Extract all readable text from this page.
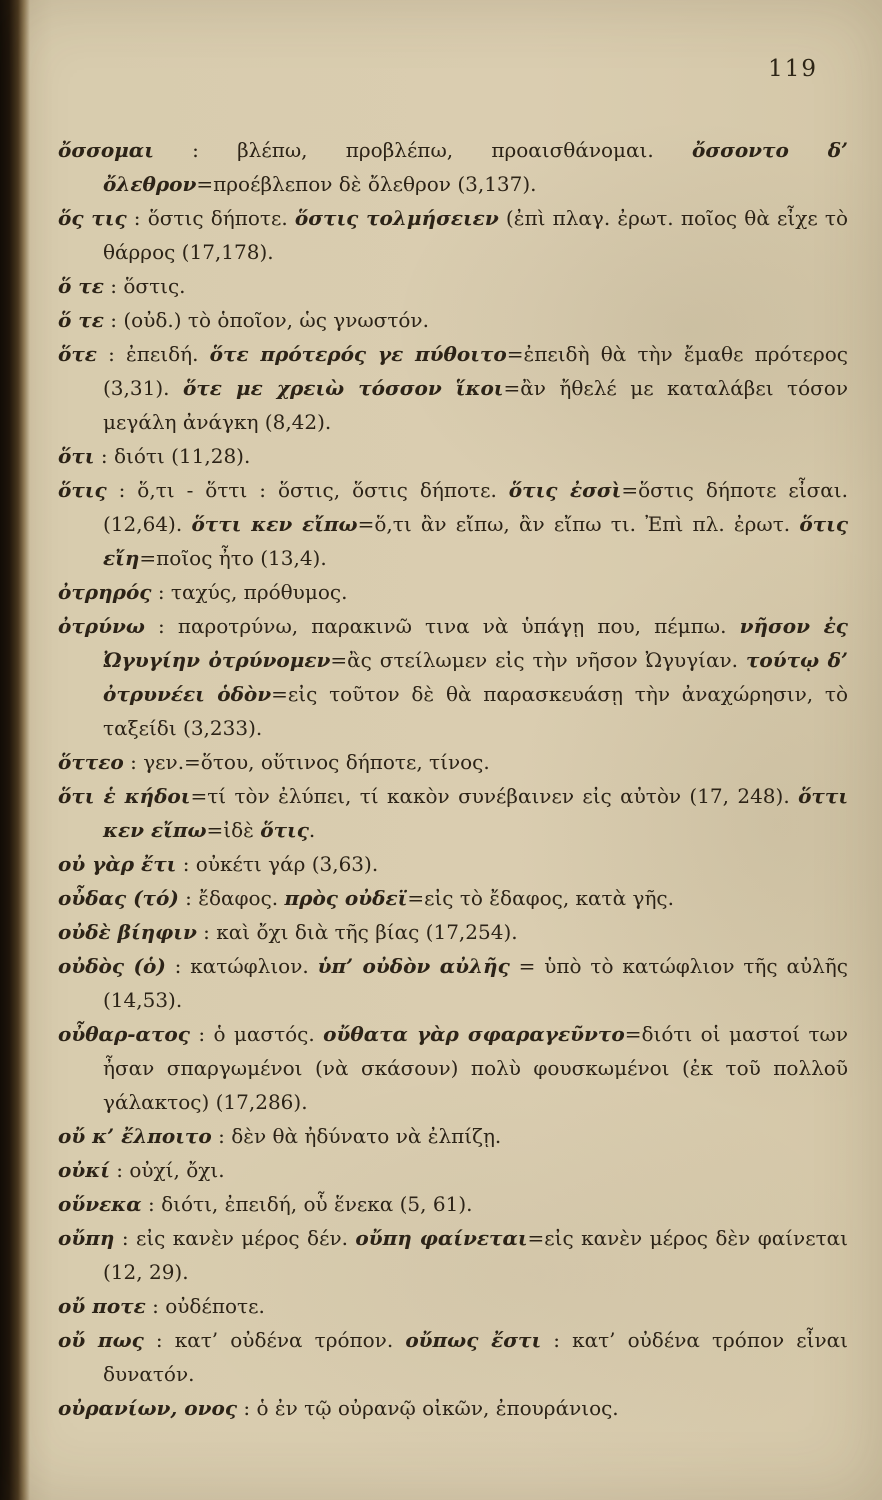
119
ὄσσομαι : βλέπω, προβλέπω, προαισθάνομαι. ὄσσοντο δ’ ὄλεθρον=προέβλεπον δὲ ὄλεθρον (3,137).
ὅς τις : ὅστις δήποτε. ὅστις τολμήσειεν (ἐπὶ πλαγ. ἐρωτ. ποῖος θὰ εἶχε τὸ θάρρος (17,178).
ὅ τε : ὅστις.
ὅ τε : (οὐδ.) τὸ ὁποῖον, ὡς γνωστόν.
ὅτε : ἐπειδή. ὅτε πρότερός γε πύθοιτο=ἐπειδὴ θὰ τὴν ἔμαθε πρότερος (3,31). ὅτε με χρειὼ τόσσον ἵκοι=ἂν ἤθελέ με καταλάβει τόσον μεγάλη ἀνάγκη (8,42).
ὅτι : διότι (11,28).
ὅτις : ὅ,τι - ὅττι : ὅστις, ὅστις δήποτε. ὅτις ἐσσὶ=ὅστις δήποτε εἶσαι. (12,64). ὅττι κεν εἴπω=ὅ,τι ἂν εἴπω, ἂν εἴπω τι. Ἐπὶ πλ. ἐρωτ. ὅτις εἴη=ποῖος ἦτο (13,4).
ὀτρηρός : ταχύς, πρόθυμος.
ὀτρύνω : παροτρύνω, παρακινῶ τινα νὰ ὑπάγῃ που, πέμπω. νῆσον ἐς Ὠγυγίην ὀτρύνομεν=ἂς στείλωμεν εἰς τὴν νῆσον Ὠγυγίαν. τούτῳ δ’ ὀτρυνέει ὁδὸν=εἰς τοῦτον δὲ θὰ παρασκευάσῃ τὴν ἀναχώρησιν, τὸ ταξείδι (3,233).
ὅττεο : γεν.=ὅτου, οὕτινος δήποτε, τίνος.
ὅτι ἑ κήδοι=τί τὸν ἐλύπει, τί κακὸν συνέβαινεν εἰς αὐτὸν (17, 248). ὅττι κεν εἴπω=ἰδὲ ὅτις.
οὐ γὰρ ἔτι : οὐκέτι γάρ (3,63).
οὖδας (τό) : ἔδαφος. πρὸς οὐδεϊ=εἰς τὸ ἔδαφος, κατὰ γῆς.
οὐδὲ βίηφιν : καὶ ὄχι διὰ τῆς βίας (17,254).
οὐδὸς (ὁ) : κατώφλιον. ὑπ’ οὐδὸν αὐλῆς = ὑπὸ τὸ κατώφλιον τῆς αὐλῆς (14,53).
οὖθαρ-ατος : ὁ μαστός. οὔθατα γὰρ σφαραγεῦντο=διότι οἱ μαστοί των ἦσαν σπαργωμένοι (νὰ σκάσουν) πολὺ φουσκωμένοι (ἐκ τοῦ πολλοῦ γάλακτος) (17,286).
οὔ κ’ ἔλποιτο : δὲν θὰ ἠδύνατο νὰ ἐλπίζῃ.
οὐκί : οὐχί, ὄχι.
οὕνεκα : διότι, ἐπειδή, οὗ ἕνεκα (5, 61).
οὔπη : εἰς κανὲν μέρος δέν. οὔπη φαίνεται=εἰς κανὲν μέρος δὲν φαίνεται (12, 29).
οὔ ποτε : οὐδέποτε.
οὔ πως : κατ’ οὐδένα τρόπον. οὔπως ἔστι : κατ’ οὐδένα τρόπον εἶναι δυνατόν.
οὐρανίων, ονος : ὁ ἐν τῷ οὐρανῷ οἰκῶν, ἐπουράνιος.
